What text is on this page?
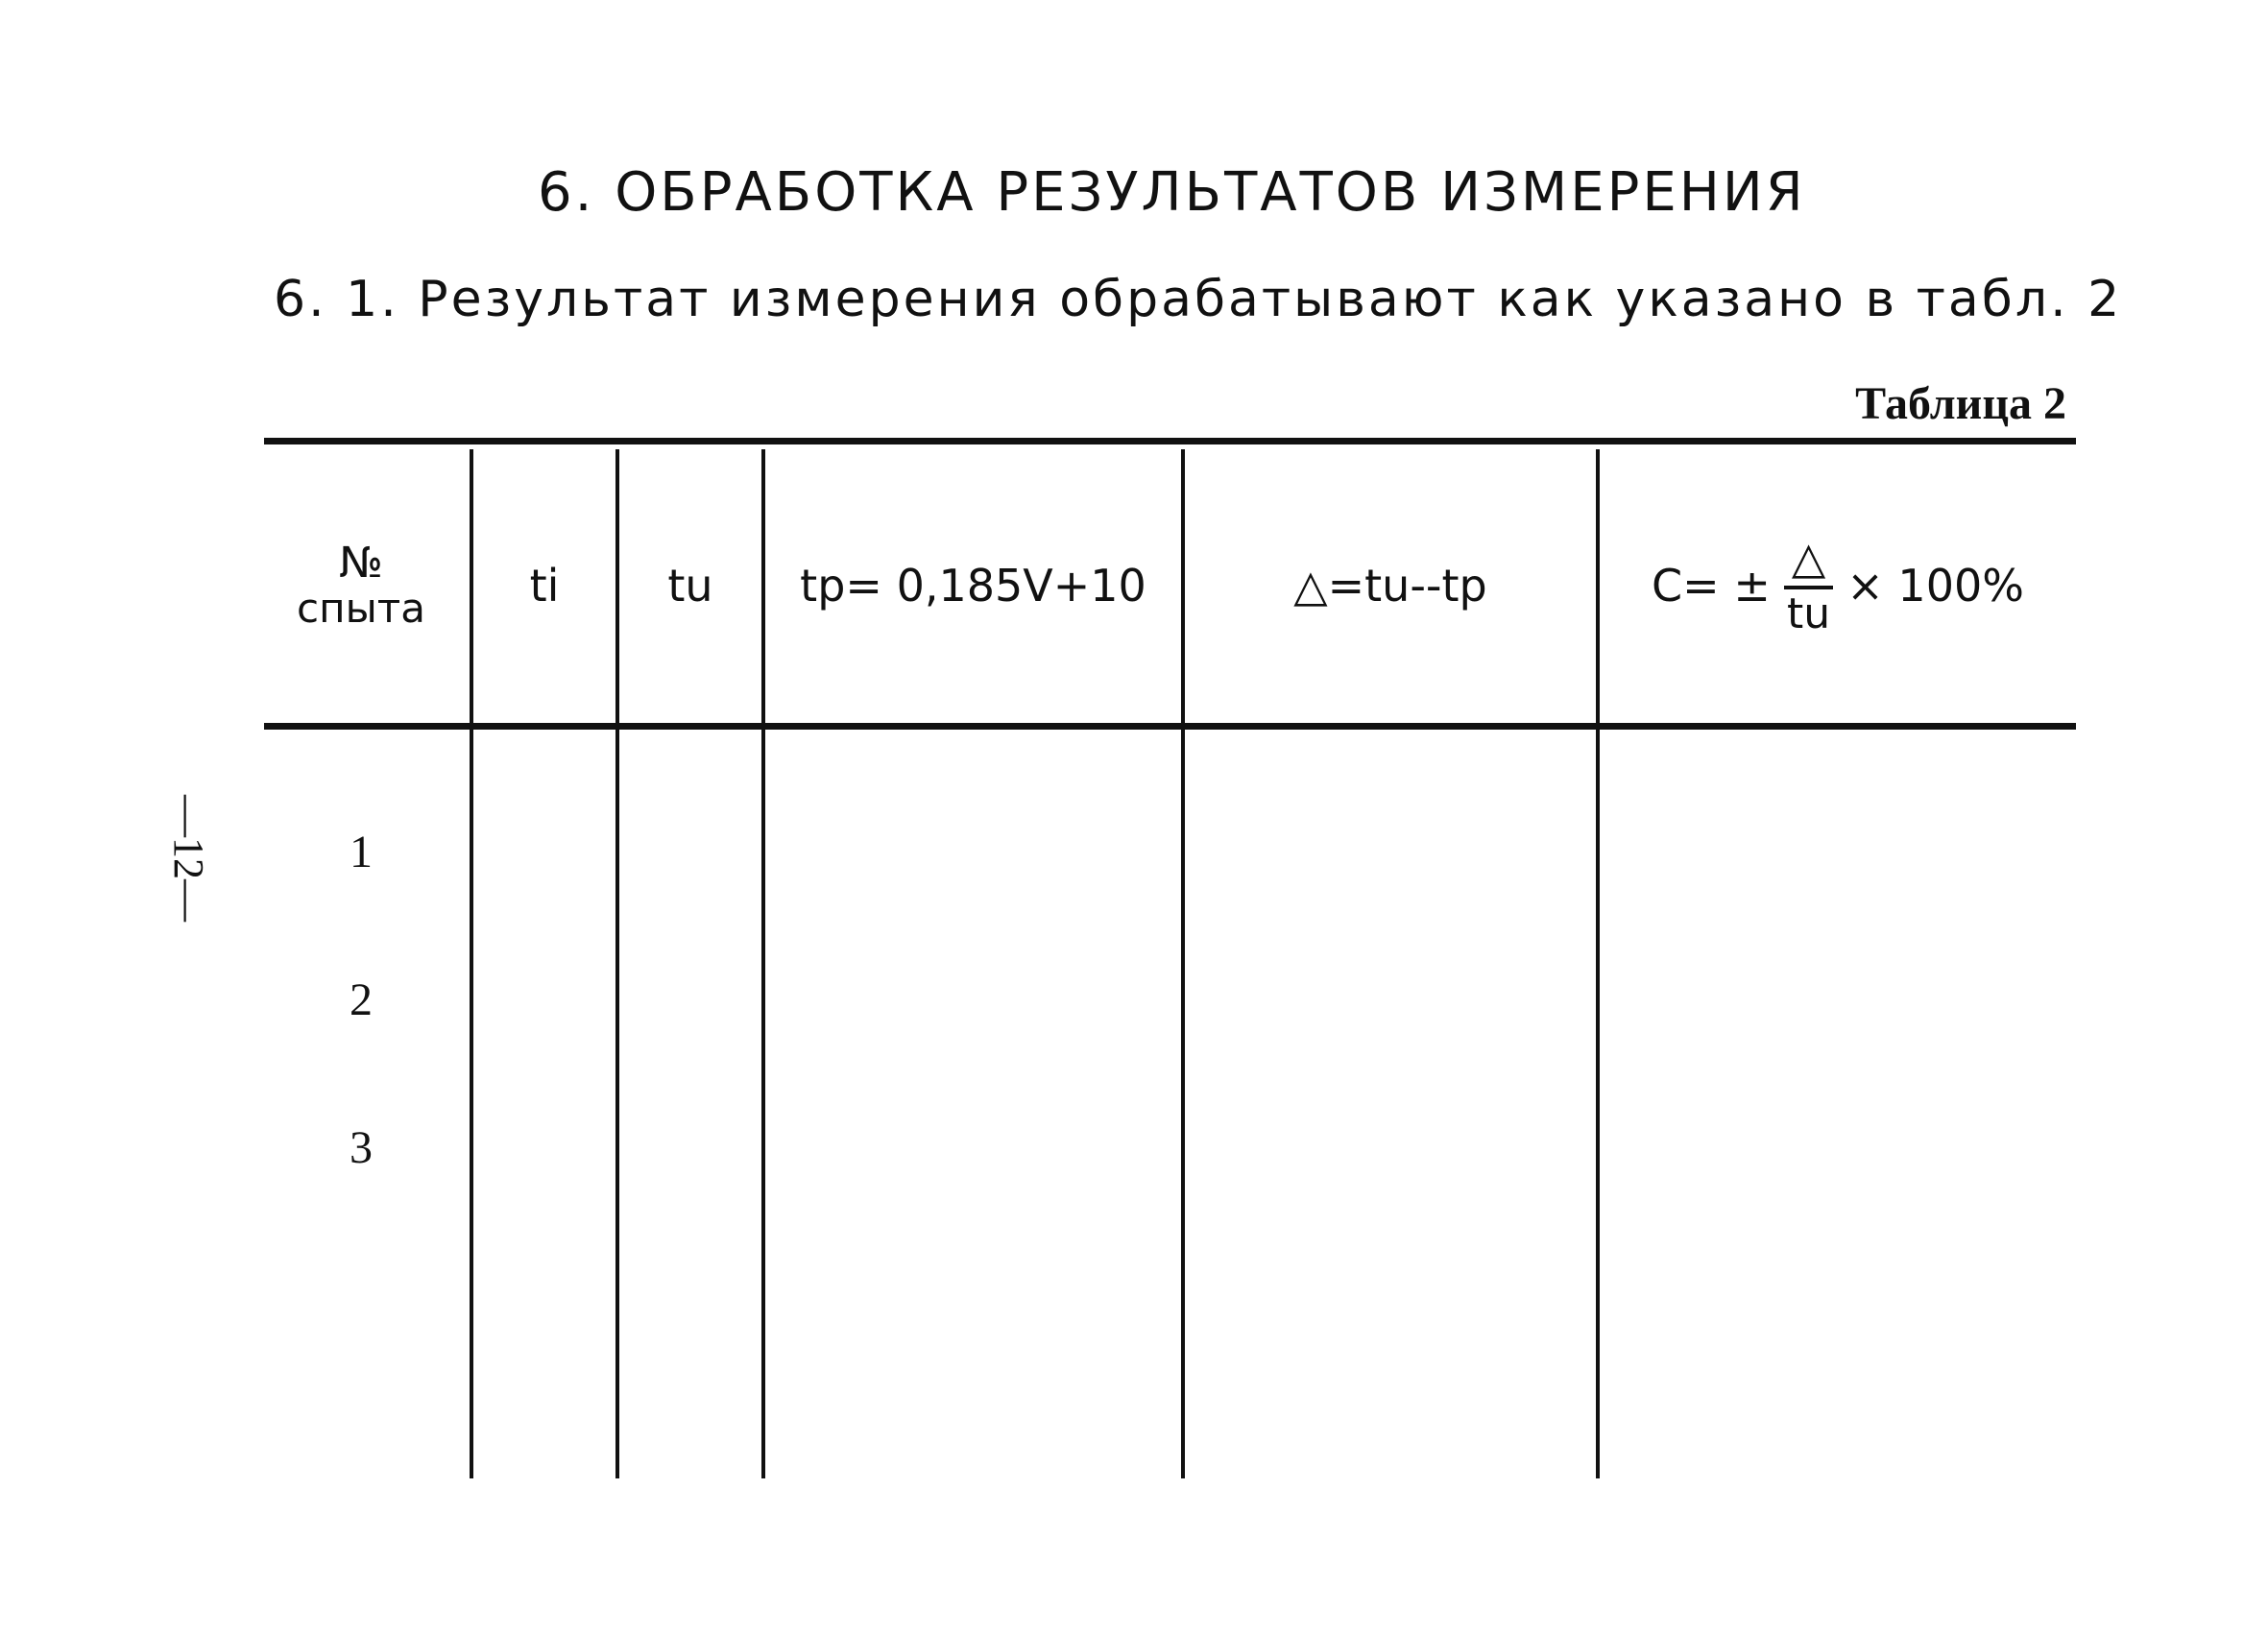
6. ОБРАБОТКА РЕЗУЛЬТАТОВ ИЗМЕРЕНИЯ
6. 1. Результат измерения обрабатывают как указано в табл. 2
Таблица 2
—12—
№
спыта	ti	tu	tp= 0,185V+10	△=tu--tp	$C= \pm \frac{\triangle}{tu} \times 100\%$
1
2
3
